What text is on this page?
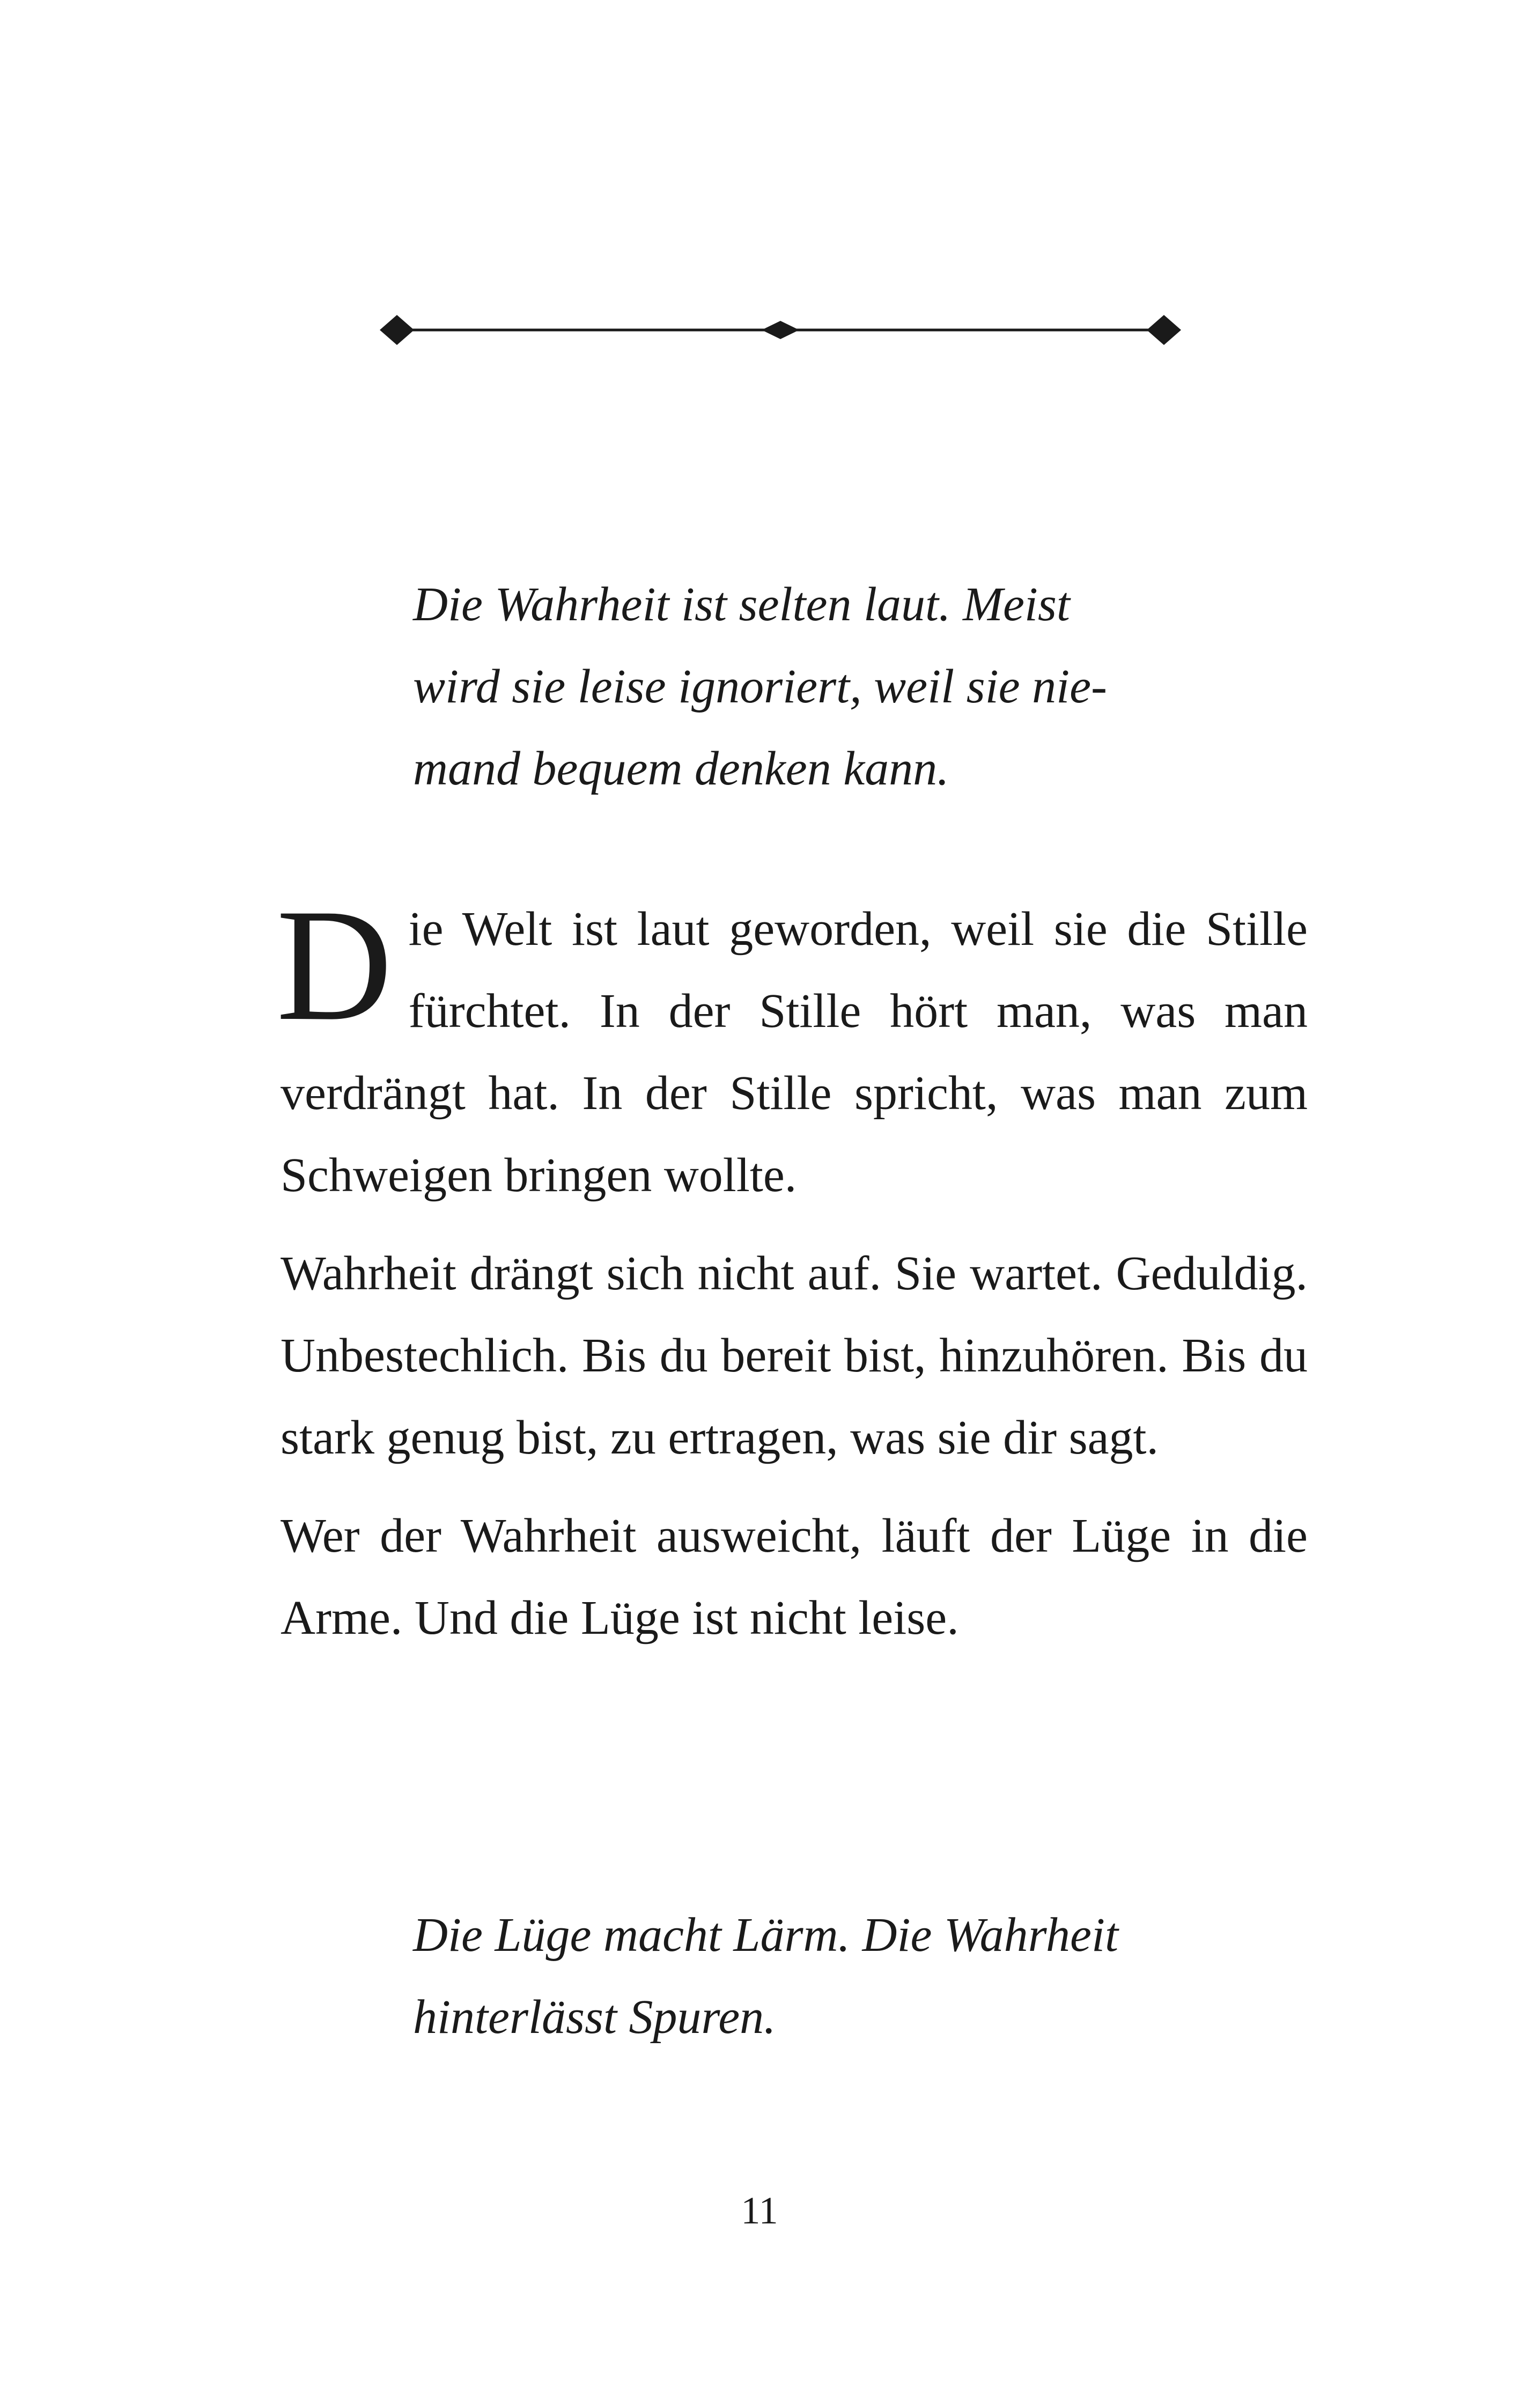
Die Wahrheit ist selten laut. Meist
wird sie leise ignoriert, weil sie nie-
mand bequem denken kann.

Die Welt ist laut geworden, weil sie die Stille fürchtet. In der Stille hört man, was man verdrängt hat. In der Stille spricht, was man zum Schweigen bringen wollte.

Wahrheit drängt sich nicht auf. Sie wartet. Geduldig. Unbestechlich. Bis du bereit bist, hinzuhören. Bis du stark genug bist, zu ertragen, was sie dir sagt.

Wer der Wahrheit ausweicht, läuft der Lüge in die Arme. Und die Lüge ist nicht leise.

Die Lüge macht Lärm. Die Wahrheit
hinterlässt Spuren.
11
